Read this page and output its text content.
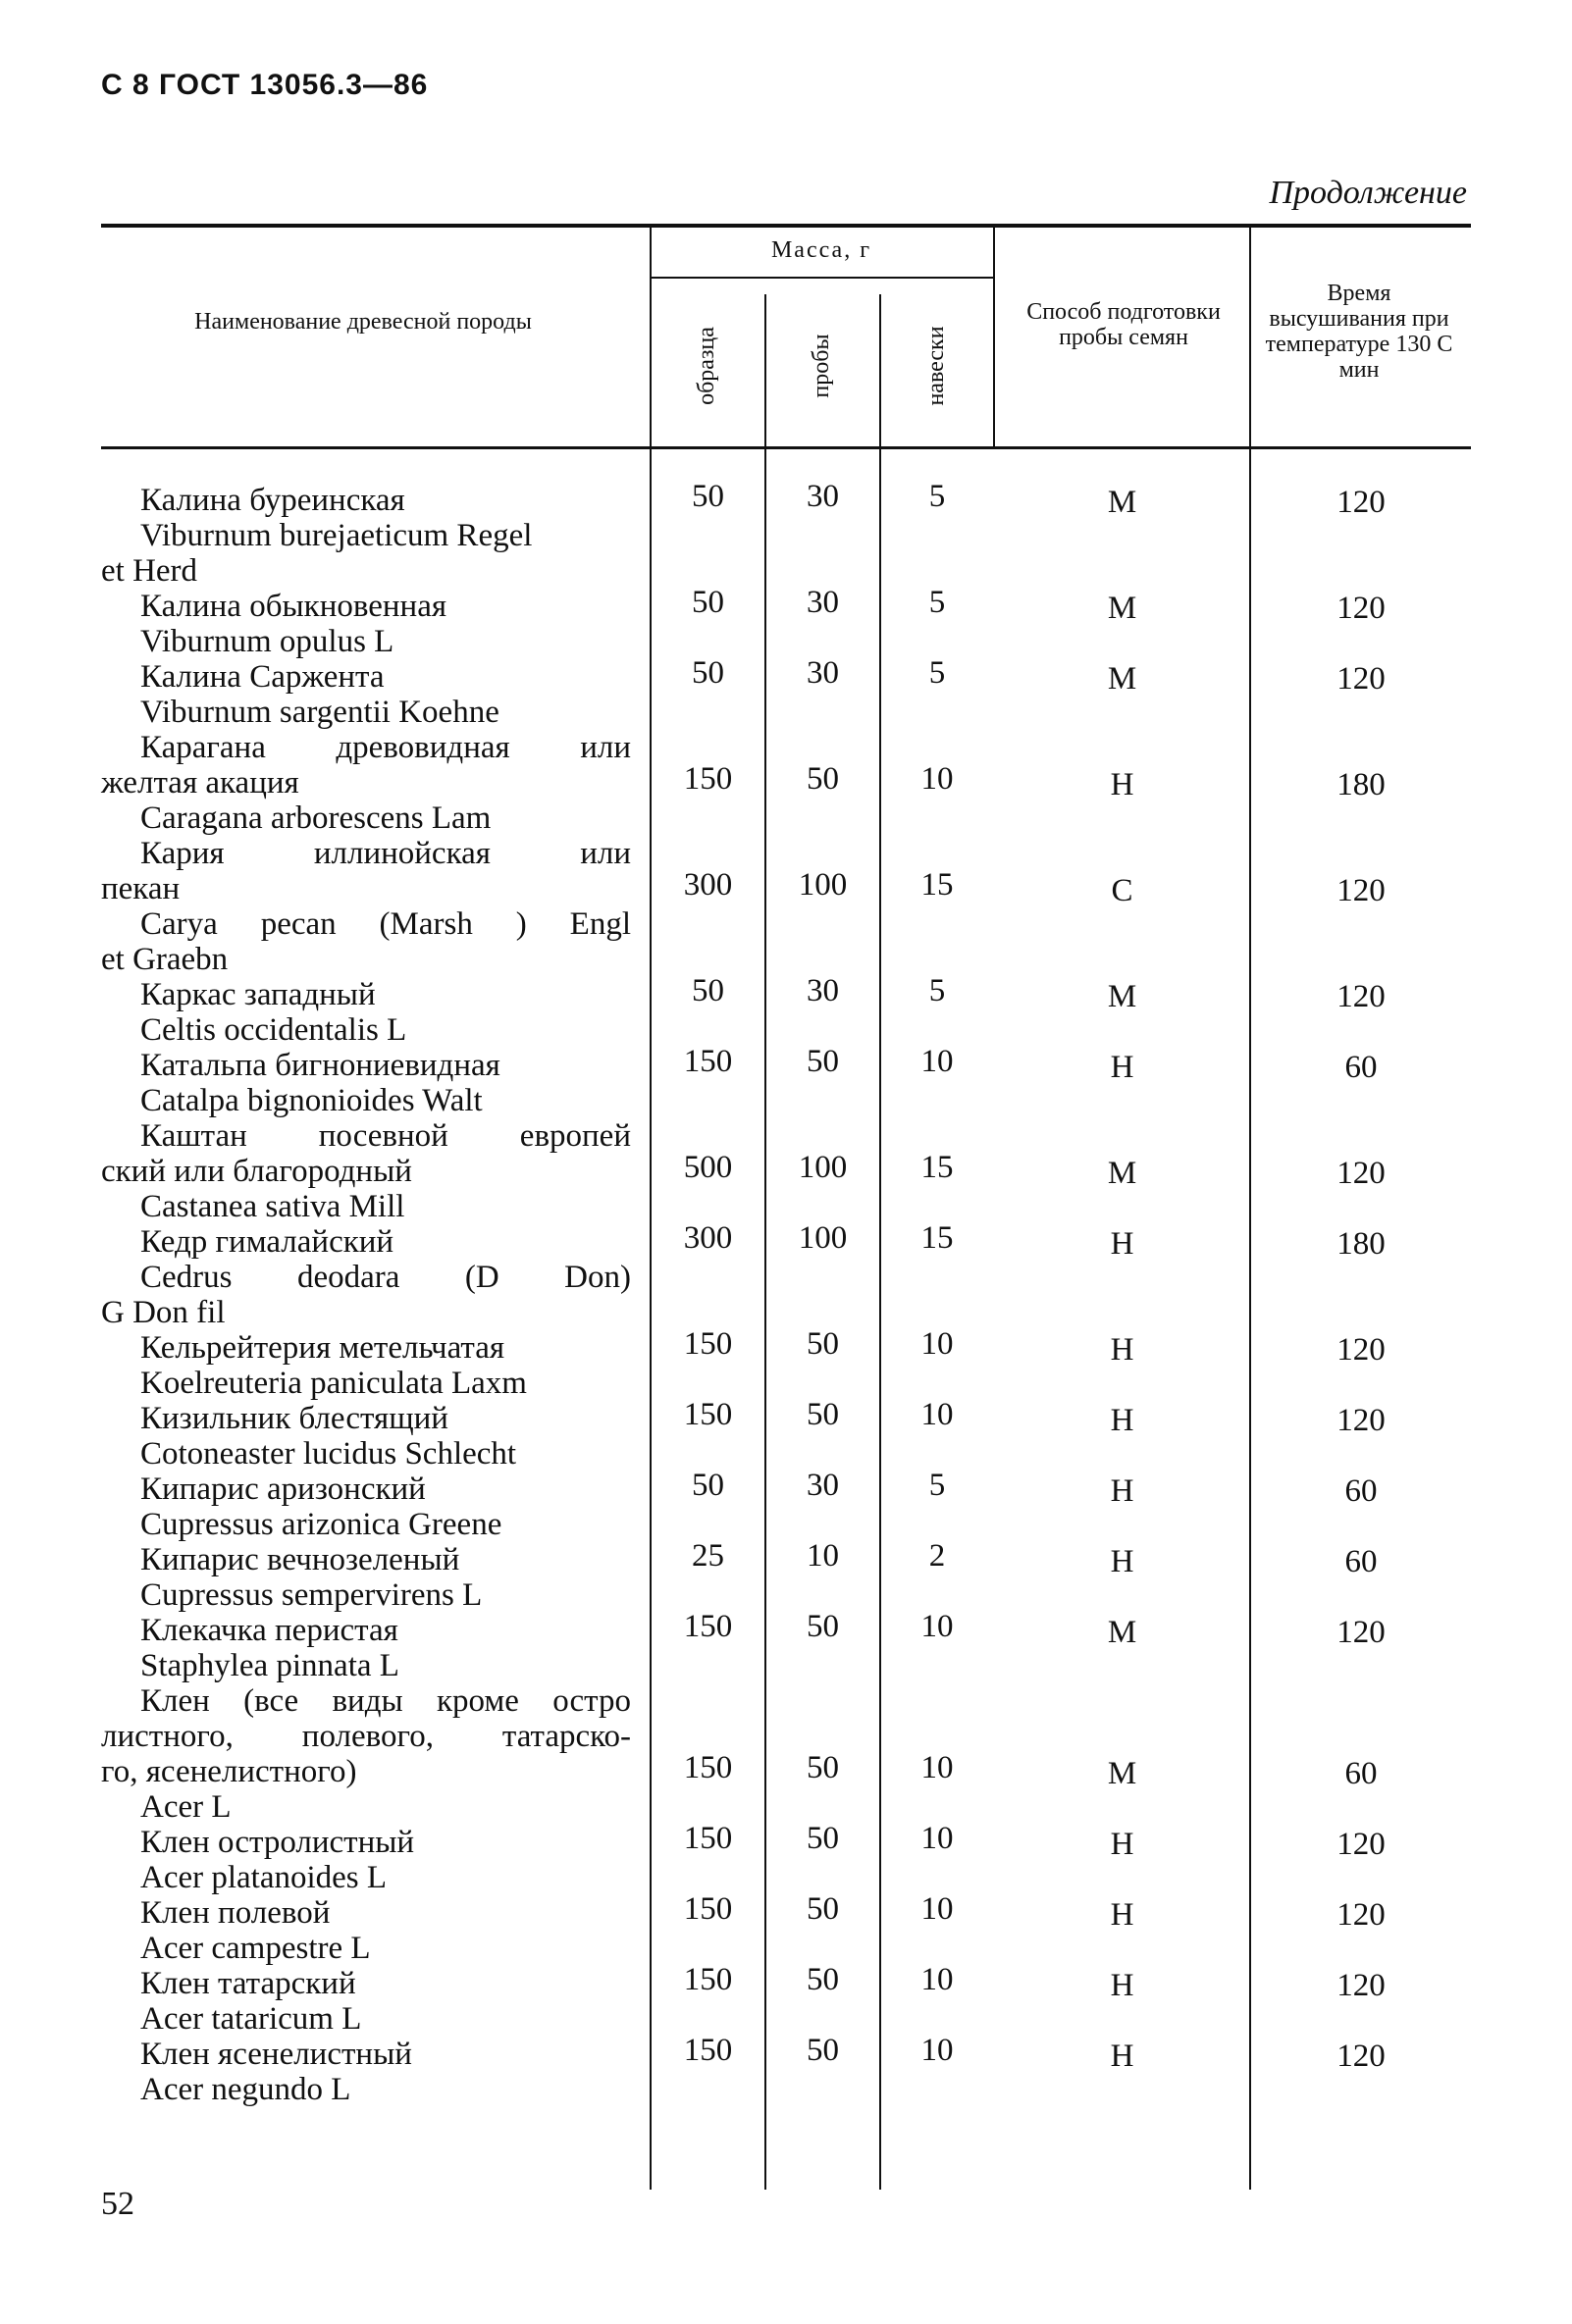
С 8 ГОСТ 13056.3—86
Продолжение
Наименование древесной породы
Масса, г
образца	пробы	навески
Способ подготовки пробы семян
Время высушивания при температуре 130 С мин
Калина буреинская
Viburnum burejaeticum Regel
et Herd
50	30	5	М	120
Калина обыкновенная
Viburnum opulus L
50	30	5	М	120
Калина Саржента
Viburnum sargentii Koehne
50	30	5	М	120
Карагана древовидная или
желтая акация
Caragana arborescens Lam
150	50	10	Н	180
Кария иллинойская или
пекан
Carya pecan (Marsh ) Engl
et Graebn
300	100	15	С	120
Каркас западный
Celtis occidentalis L
50	30	5	М	120
Катальпа бигнониевидная
Catalpa bignonioides Walt
150	50	10	Н	60
Каштан посевной европей
ский или благородный
Castanea sativa Mill
500	100	15	М	120
Кедр гималайский
Cedrus deodara (D Don)
G Don fil
300	100	15	Н	180
Кельрейтерия метельчатая
Koelreuteria paniculata Laxm
150	50	10	Н	120
Кизильник блестящий
Cotoneaster lucidus Schlecht
150	50	10	Н	120
Кипарис аризонский
Cupressus arizonica Greene
50	30	5	Н	60
Кипарис вечнозеленый
Cupressus sempervirens L
25	10	2	Н	60
Клекачка перистая
Staphylea pinnata L
150	50	10	М	120
Клен (все виды кроме остро
листного, полевого, татарско-
го, ясенелистного)
Acer L
150	50	10	М	60
Клен остролистный
Acer platanoides L
150	50	10	Н	120
Клен полевой
Acer campestre L
150	50	10	Н	120
Клен татарский
Acer tataricum L
150	50	10	Н	120
Клен ясенелистный
Acer negundo L
150	50	10	Н	120
52
